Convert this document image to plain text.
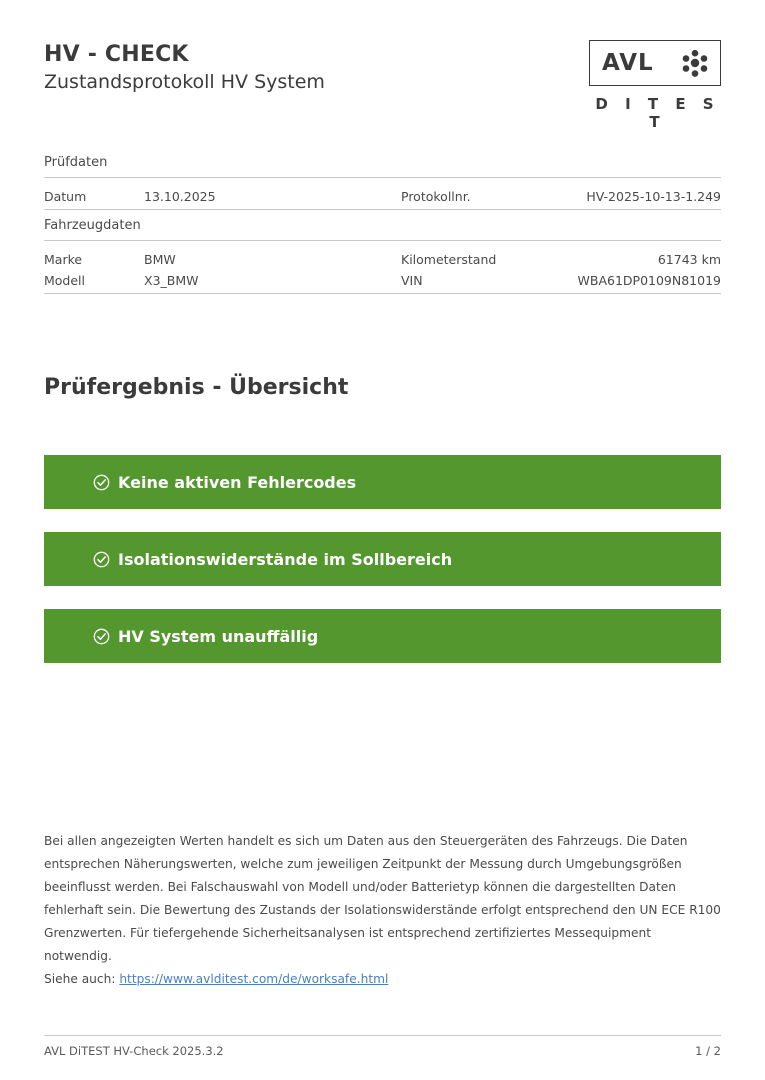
HV - CHECK
Zustandsprotokoll HV System
AVL
D I T E S T
Prüfdaten
Datum	13.10.2025	Protokollnr.	HV-2025-10-13-1.249
Fahrzeugdaten
Marke	BMW	Kilometerstand	61743 km
Modell	X3_BMW	VIN	WBA61DP0109N81019
Prüfergebnis - Übersicht
Keine aktiven Fehlercodes
Isolationswiderstände im Sollbereich
HV System unauffällig
Bei allen angezeigten Werten handelt es sich um Daten aus den Steuergeräten des Fahrzeugs. Die Daten entsprechen Näherungswerten, welche zum jeweiligen Zeitpunkt der Messung durch Umgebungsgrößen beeinflusst werden. Bei Falschauswahl von Modell und/oder Batterietyp können die dargestellten Daten fehlerhaft sein. Die Bewertung des Zustands der Isolationswiderstände erfolgt entsprechend den UN ECE R100 Grenzwerten. Für tiefergehende Sicherheitsanalysen ist entsprechend zertifiziertes Messequipment notwendig.
Siehe auch: https://www.avlditest.com/de/worksafe.html
AVL DiTEST HV-Check 2025.3.2	1 / 2
